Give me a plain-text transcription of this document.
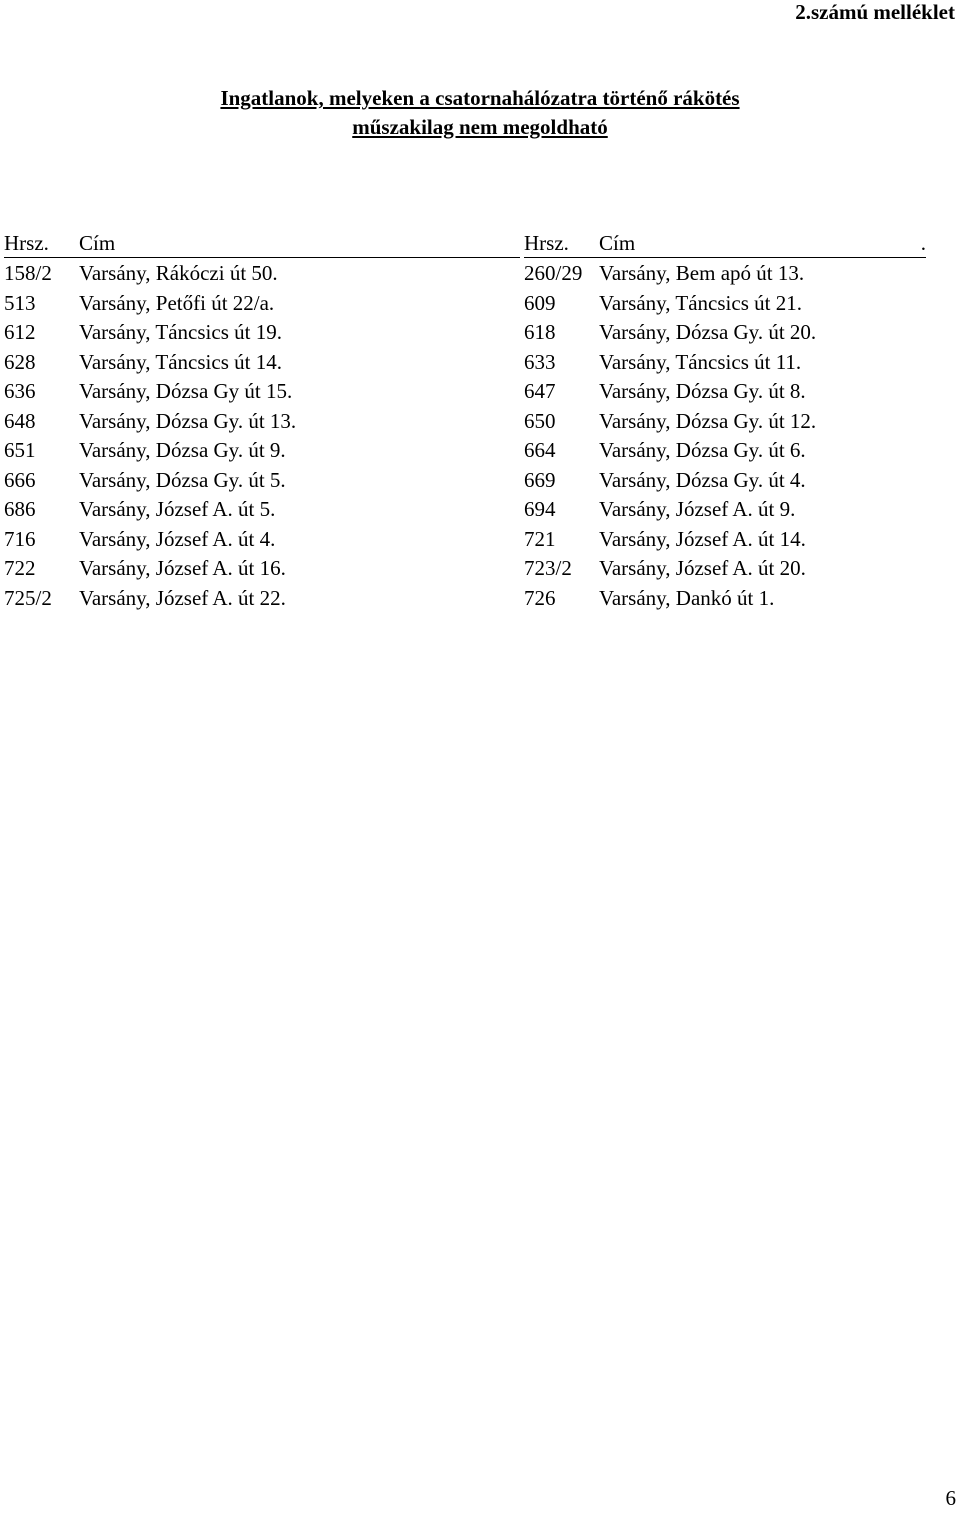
2.számú melléklet
Ingatlanok, melyeken a csatornahálózatra történő rákötés
műszakilag nem megoldható
Hrsz.	Cím
158/2	Varsány, Rákóczi út 50.
513	Varsány, Petőfi út 22/a.
612	Varsány, Táncsics út 19.
628	Varsány, Táncsics út 14.
636	Varsány, Dózsa Gy út 15.
648	Varsány, Dózsa Gy. út 13.
651	Varsány, Dózsa Gy. út 9.
666	Varsány, Dózsa Gy. út 5.
686	Varsány, József A. út 5.
716	Varsány, József A. út 4.
722	Varsány, József A. út 16.
725/2	Varsány, József A. út 22.
Hrsz.	Cím	.
260/29 Varsány, Bem apó út 13.
609	Varsány, Táncsics út 21.
618	Varsány, Dózsa Gy. út 20.
633	Varsány, Táncsics út 11.
647	Varsány, Dózsa Gy. út 8.
650	Varsány, Dózsa Gy. út 12.
664	Varsány, Dózsa Gy. út 6.
669	Varsány, Dózsa Gy. út 4.
694	Varsány, József A. út 9.
721	Varsány, József A. út 14.
723/2	Varsány, József A. út 20.
726	Varsány, Dankó út 1.
6
